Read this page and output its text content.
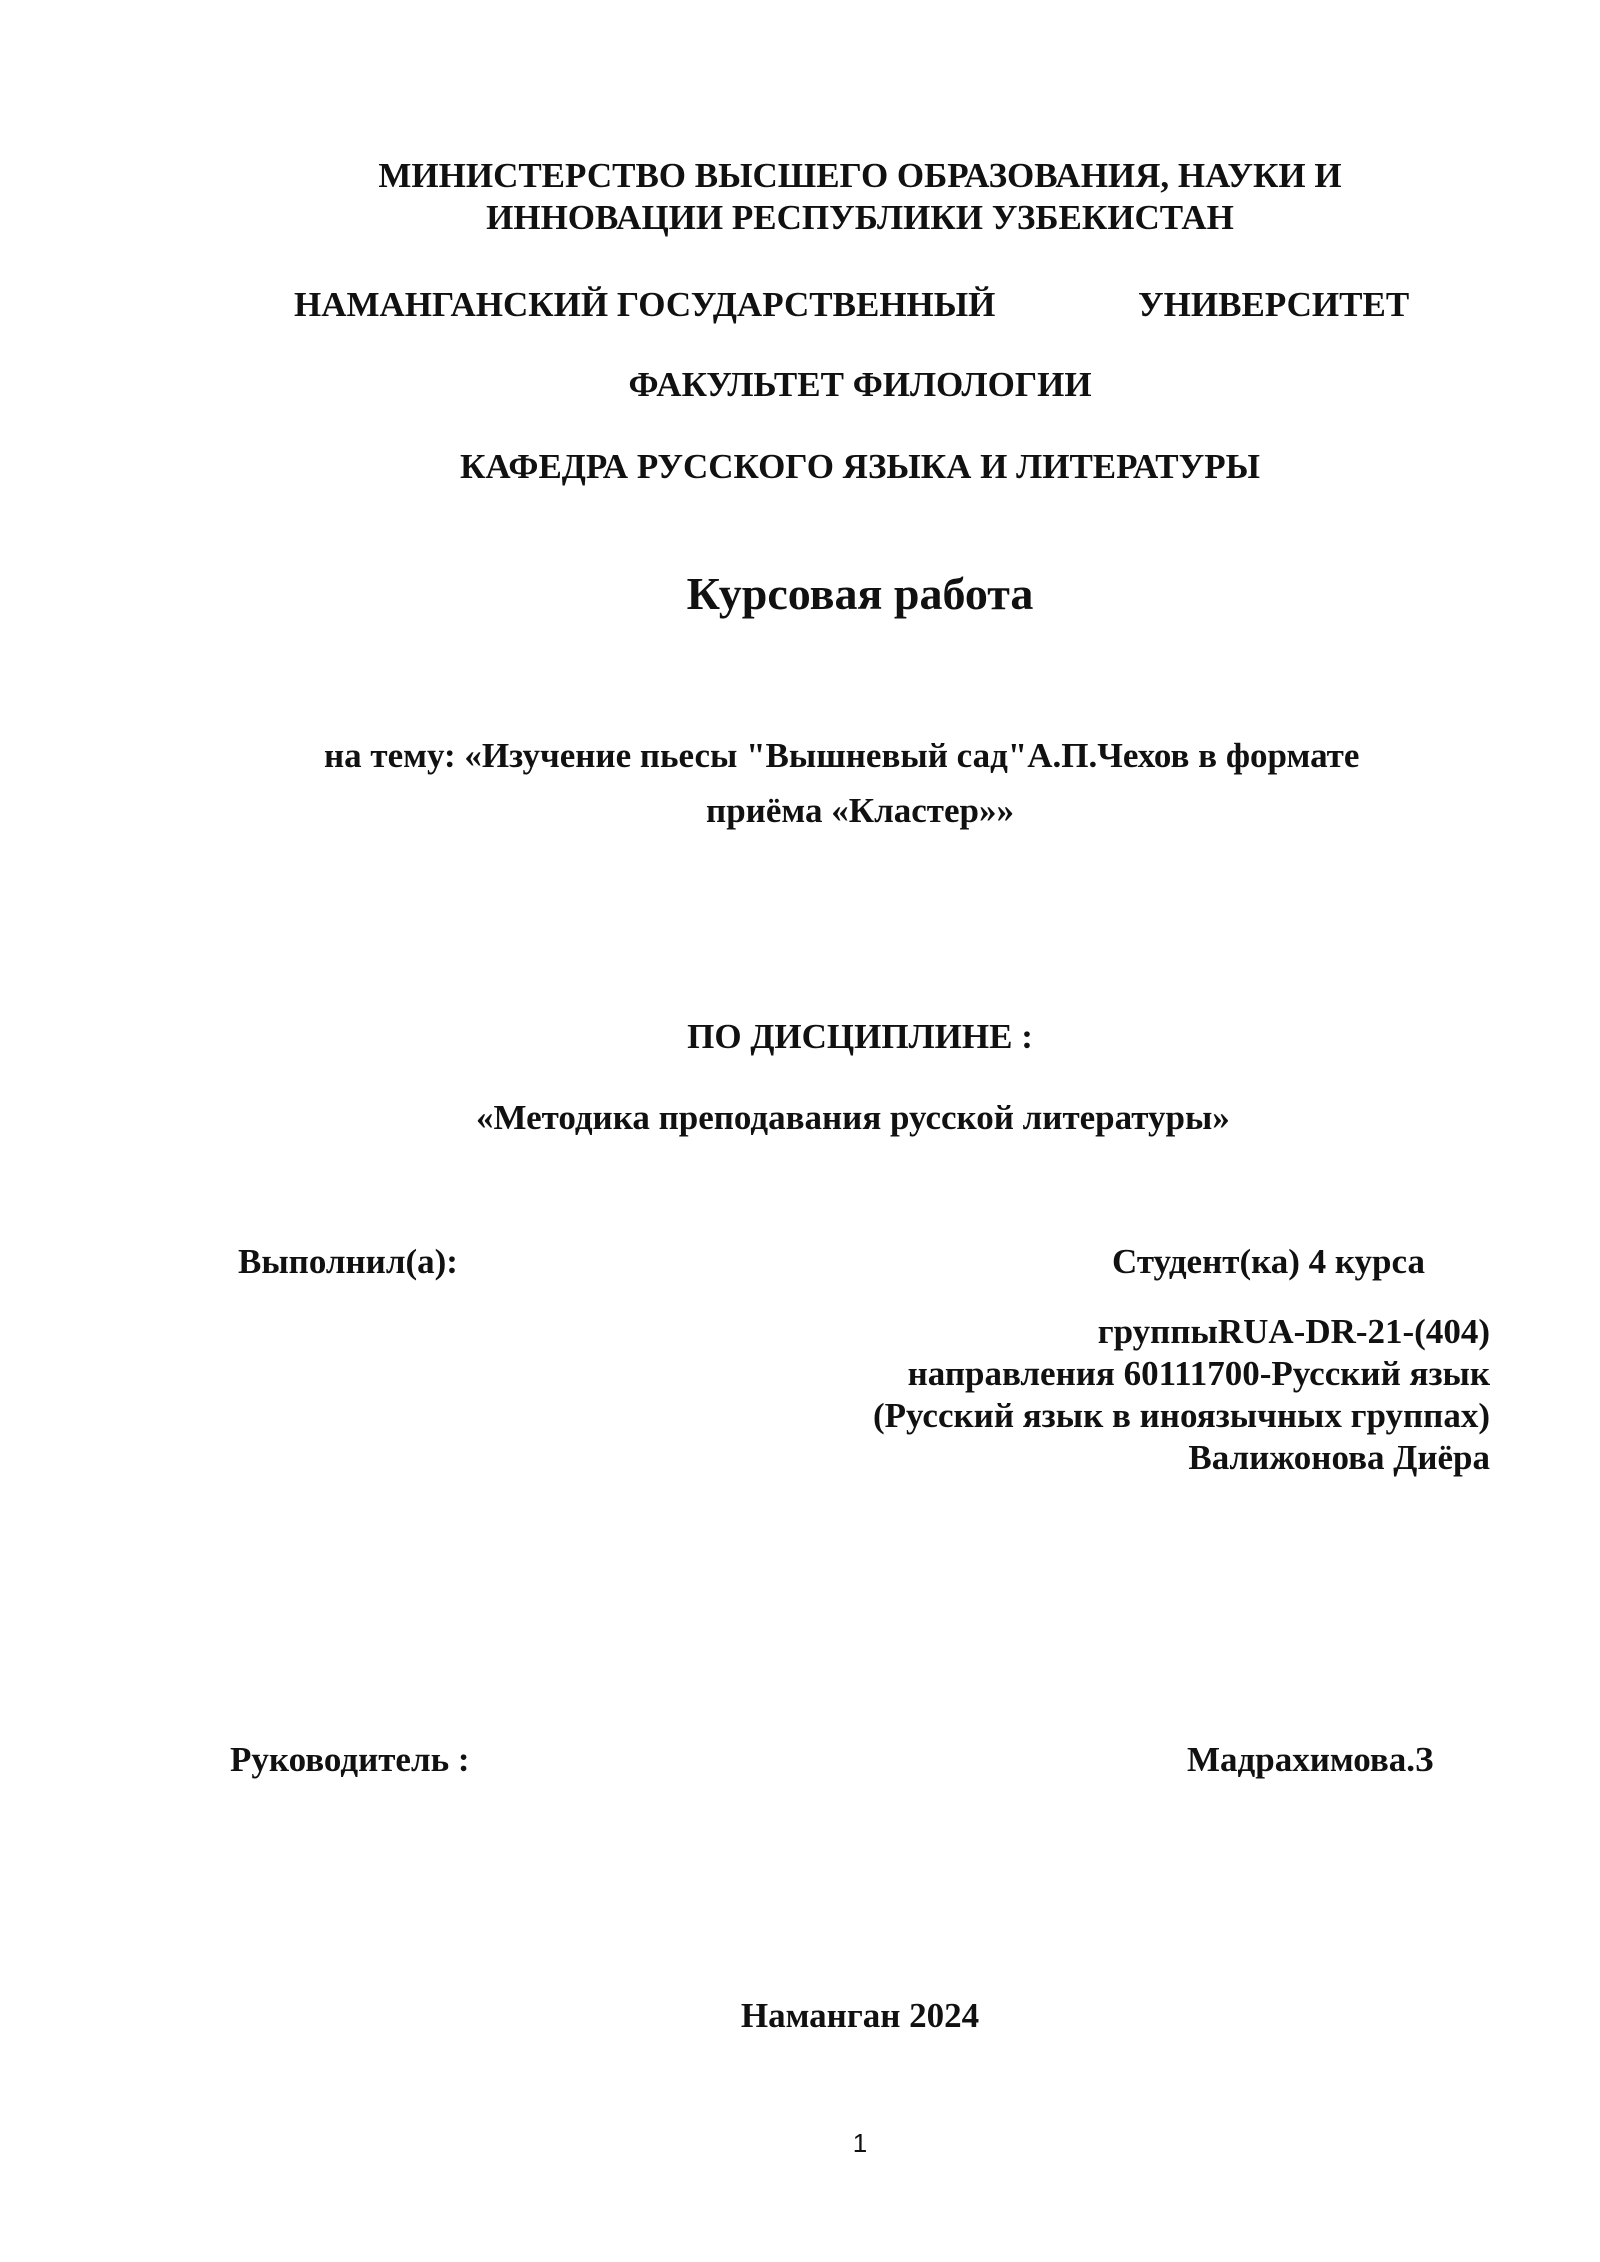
МИНИСТЕРСТВО ВЫСШЕГО ОБРАЗОВАНИЯ, НАУКИ И
ИННОВАЦИИ РЕСПУБЛИКИ УЗБЕКИСТАН
НАМАНГАНСКИЙ ГОСУДАРСТВЕННЫЙ	УНИВЕРСИТЕТ
ФАКУЛЬТЕТ ФИЛОЛОГИИ
КАФЕДРА РУССКОГО ЯЗЫКА И ЛИТЕРАТУРЫ
Курсовая работа
на тему: «Изучение пьесы "Вышневый сад"А.П.Чехов в формате
приёма «Кластер»»
ПО ДИСЦИПЛИНЕ :
«Методика преподавания русской литературы»
Выполнил(а):	Студент(ка) 4 курса
группыRUA-DR-21-(404)
направления 60111700-Русский язык
(Русский язык в иноязычных группах)
Валижонова Диёра
Руководитель :	Мадрахимова.З
Наманган 2024
1
